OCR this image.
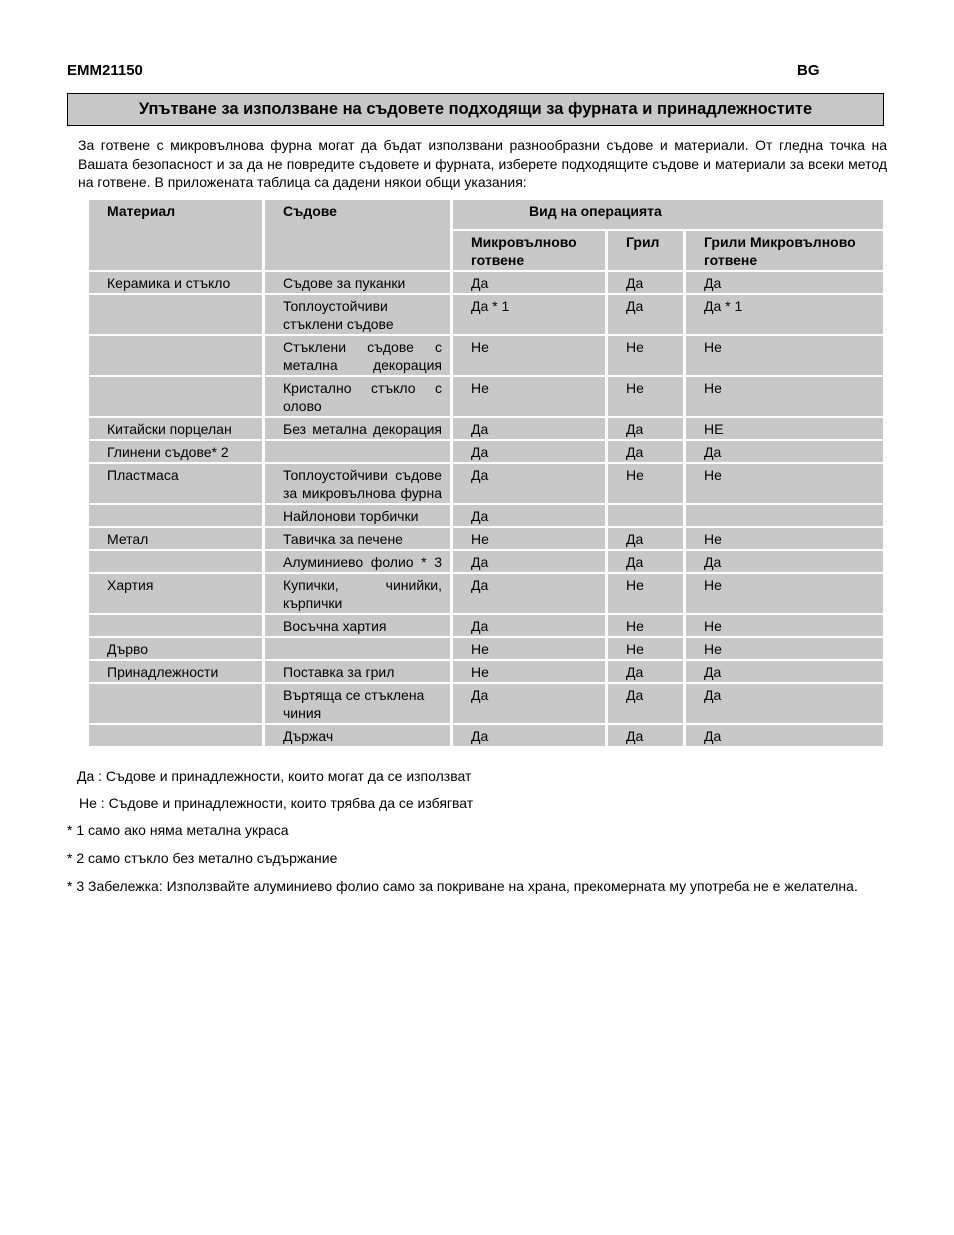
EMM21150	BG
Упътване за използване на съдовете подходящи за фурната и принадлежностите

За готвене с микровълнова фурна могат да бъдат използвани разнообразни съдове и материали. От гледна точка на Вашата безопасност и за да не повредите съдовете и фурната, изберете подходящите съдове и материали за всеки метод на готвене. В приложената таблица са дадени някои общи указания:

Материал	Съдове	Вид на операцията		
		Микровълново готвене	Грил	Грили Микровълново готвене
Керамика и стъкло	Съдове за пуканки	Да	Да	Да
	Топлоустойчиви стъклени съдове	Да * 1	Да	Да * 1
	Стъклени съдове с метална декорация	Не	Не	Не
	Кристално стъкло с олово	Не	Не	Не
Китайски порцелан	Без метална декорация	Да	Да	НЕ
Глинени съдове* 2		Да	Да	Да
Пластмаса	Топлоустойчиви съдове за микровълнова фурна	Да	Не	Не
	Найлонови торбички	Да		
Метал	Тавичка за печене	Не	Да	Не
	Алуминиево фолио * 3	Да	Да	Да
Хартия	Купички, чинийки, кърпички	Да	Не	Не
	Восъчна хартия	Да	Не	Не
Дърво		Не	Не	Не
Принадлежности	Поставка за грил	Не	Да	Да
	Въртяща се стъклена чиния	Да	Да	Да
	Държач	Да	Да	Да
Да : Съдове и принадлежности, които могат да се използват
Не : Съдове и принадлежности, които трябва да се избягват
* 1 само ако няма метална украса
* 2 само стъкло без метално съдържание
* 3 Забележка: Използвайте алуминиево фолио само за покриване на храна, прекомерната му употреба не е желателна.
